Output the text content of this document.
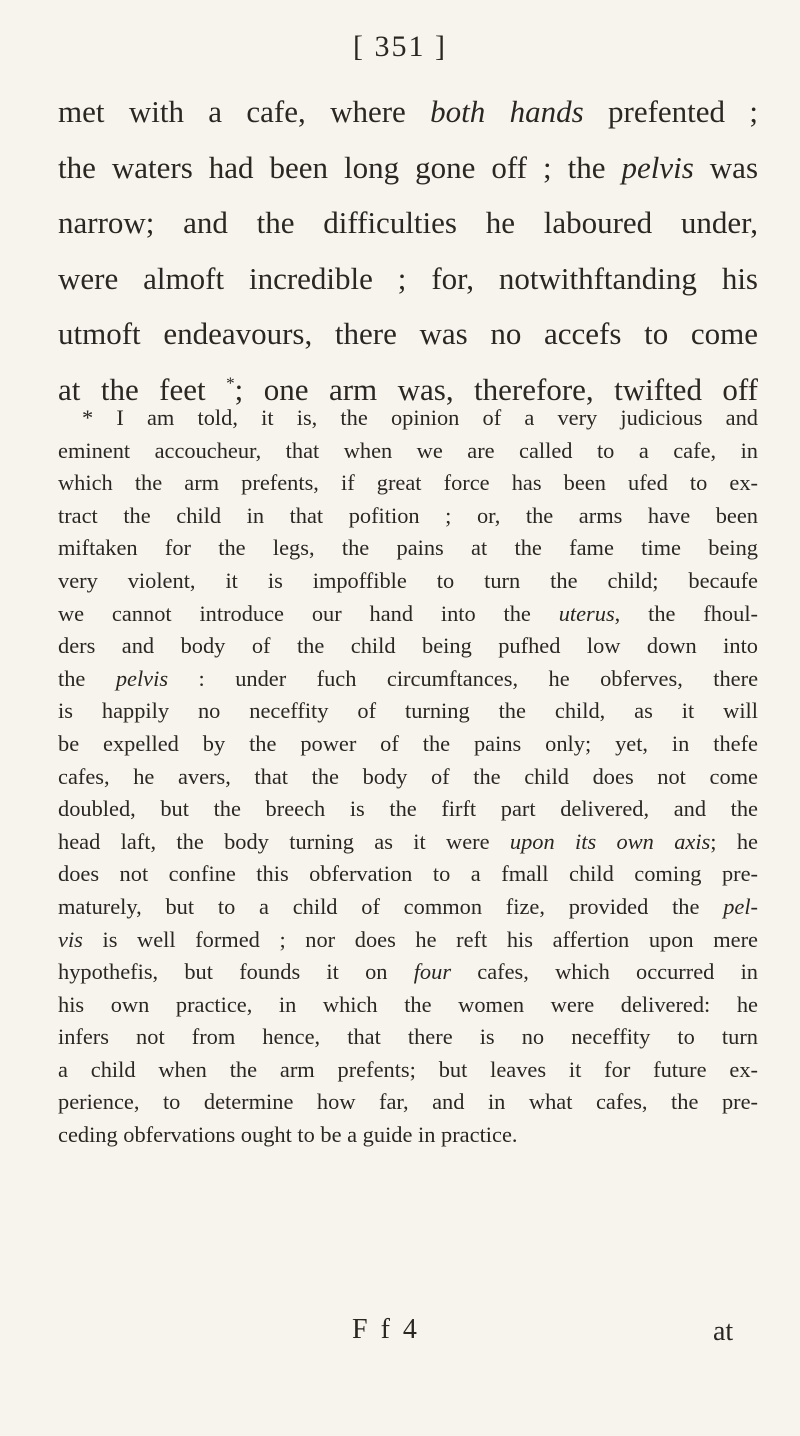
[ 351 ]
met with a cafe, where both hands prefented ;
the waters had been long gone off ; the pelvis was
narrow; and the difficulties he laboured under,
were almoft incredible ; for, notwithftanding his
utmoft endeavours, there was no accefs to come
at the feet *; one arm was, therefore, twifted off
* I am told, it is, the opinion of a very judicious and
eminent accoucheur, that when we are called to a cafe, in
which the arm prefents, if great force has been ufed to ex-
tract the child in that pofition ; or, the arms have been
miftaken for the legs, the pains at the fame time being
very violent, it is impoffible to turn the child; becaufe
we cannot introduce our hand into the uterus, the fhoul-
ders and body of the child being pufhed low down into
the pelvis : under fuch circumftances, he obferves, there
is happily no neceffity of turning the child, as it will
be expelled by the power of the pains only; yet, in thefe
cafes, he avers, that the body of the child does not come
doubled, but the breech is the firft part delivered, and the
head laft, the body turning as it were upon its own axis; he
does not confine this obfervation to a fmall child coming pre-
maturely, but to a child of common fize, provided the pel-
vis is well formed ; nor does he reft his affertion upon mere
hypothefis, but founds it on four cafes, which occurred in
his own practice, in which the women were delivered: he
infers not from hence, that there is no neceffity to turn
a child when the arm prefents; but leaves it for future ex-
perience, to determine how far, and in what cafes, the pre-
ceding obfervations ought to be a guide in practice.
F f 4	at
